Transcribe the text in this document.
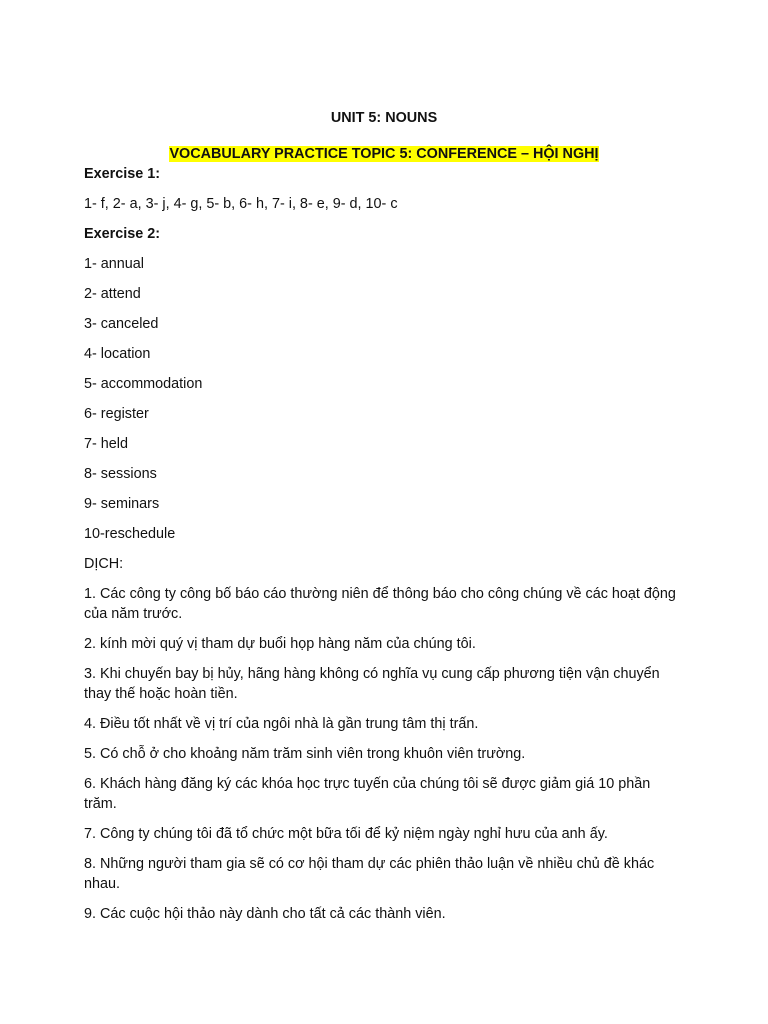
UNIT 5: NOUNS
VOCABULARY PRACTICE TOPIC 5: CONFERENCE – HỘI NGHỊ
Exercise 1:
1- f, 2- a, 3- j, 4- g, 5- b, 6- h, 7- i, 8- e, 9- d, 10- c
Exercise 2:
1- annual
2- attend
3- canceled
4- location
5- accommodation
6- register
7- held
8- sessions
9- seminars
10-reschedule
DỊCH:
1. Các công ty công bố báo cáo thường niên để thông báo cho công chúng về các hoạt động của năm trước.
2. kính mời quý vị tham dự buổi họp hàng năm của chúng tôi.
3. Khi chuyến bay bị hủy, hãng hàng không có nghĩa vụ cung cấp phương tiện vận chuyển thay thế hoặc hoàn tiền.
4. Điều tốt nhất về vị trí của ngôi nhà là gần trung tâm thị trấn.
5. Có chỗ ở cho khoảng năm trăm sinh viên trong khuôn viên trường.
6. Khách hàng đăng ký các khóa học trực tuyến của chúng tôi sẽ được giảm giá 10 phần trăm.
7. Công ty chúng tôi đã tổ chức một bữa tối để kỷ niệm ngày nghỉ hưu của anh ấy.
8. Những người tham gia sẽ có cơ hội tham dự các phiên thảo luận về nhiều chủ đề khác nhau.
9. Các cuộc hội thảo này dành cho tất cả các thành viên.
